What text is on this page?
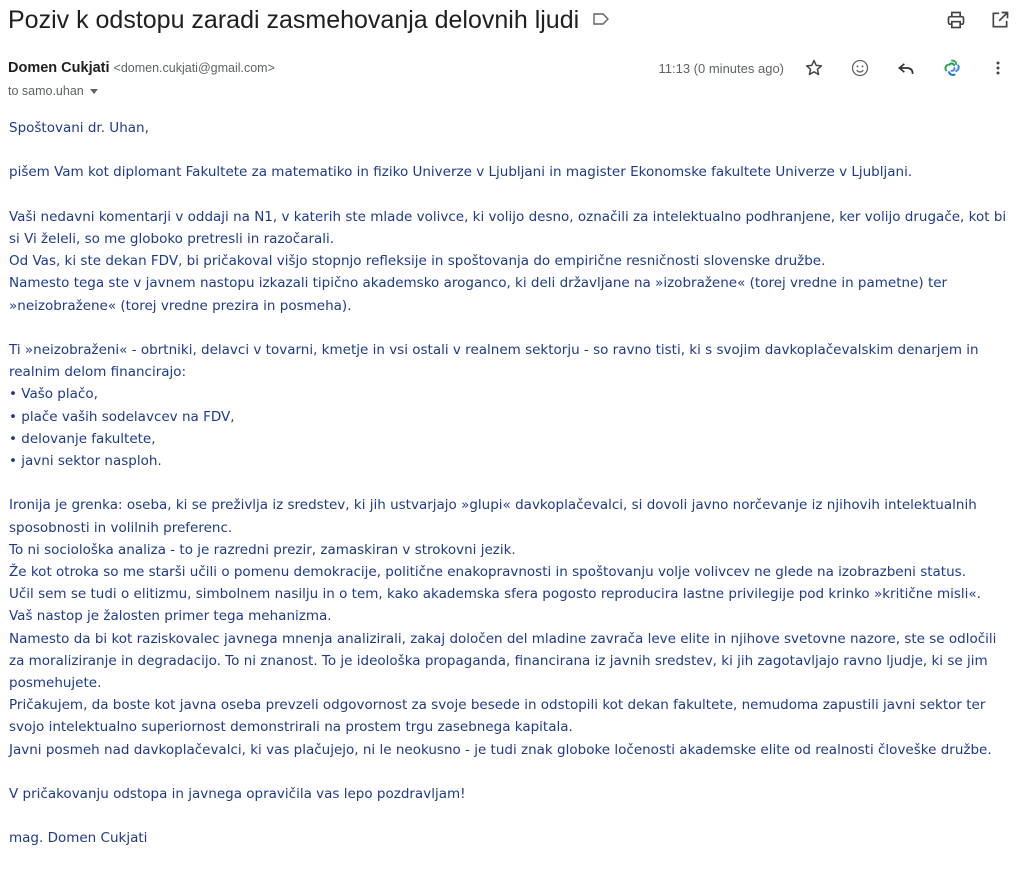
Poziv k odstopu zaradi zasmehovanja delovnih ljudi
Domen Cukjati <domen.cukjati@gmail.com>
to samo.uhan
11:13 (0 minutes ago)

Spoštovani dr. Uhan,

pišem Vam kot diplomant Fakultete za matematiko in fiziko Univerze v Ljubljani in magister Ekonomske fakultete Univerze v Ljubljani.

Vaši nedavni komentarji v oddaji na N1, v katerih ste mlade volivce, ki volijo desno, označili za intelektualno podhranjene, ker volijo drugače, kot bi si Vi želeli, so me globoko pretresli in razočarali.

Od Vas, ki ste dekan FDV, bi pričakoval višjo stopnjo refleksije in spoštovanja do empirične resničnosti slovenske družbe.

Namesto tega ste v javnem nastopu izkazali tipično akademsko aroganco, ki deli državljane na »izobražene« (torej vredne in pametne) ter »neizobražene« (torej vredne prezira in posmeha).

Ti »neizobraženi« - obrtniki, delavci v tovarni, kmetje in vsi ostali v realnem sektorju - so ravno tisti, ki s svojim davkoplačevalskim denarjem in realnim delom financirajo:

• Vašo plačo,

• plače vaših sodelavcev na FDV,

• delovanje fakultete,

• javni sektor nasploh.

Ironija je grenka: oseba, ki se preživlja iz sredstev, ki jih ustvarjajo »glupi« davkoplačevalci, si dovoli javno norčevanje iz njihovih intelektualnih sposobnosti in volilnih preferenc.

To ni sociološka analiza - to je razredni prezir, zamaskiran v strokovni jezik.

Že kot otroka so me starši učili o pomenu demokracije, politične enakopravnosti in spoštovanju volje volivcev ne glede na izobrazbeni status.

Učil sem se tudi o elitizmu, simbolnem nasilju in o tem, kako akademska sfera pogosto reproducira lastne privilegije pod krinko »kritične misli«.

Vaš nastop je žalosten primer tega mehanizma.

Namesto da bi kot raziskovalec javnega mnenja analizirali, zakaj določen del mladine zavrača leve elite in njihove svetovne nazore, ste se odločili za moraliziranje in degradacijo. To ni znanost. To je ideološka propaganda, financirana iz javnih sredstev, ki jih zagotavljajo ravno ljudje, ki se jim posmehujete.

Pričakujem, da boste kot javna oseba prevzeli odgovornost za svoje besede in odstopili kot dekan fakultete, nemudoma zapustili javni sektor ter svojo intelektualno superiornost demonstrirali na prostem trgu zasebnega kapitala.

Javni posmeh nad davkoplačevalci, ki vas plačujejo, ni le neokusno - je tudi znak globoke ločenosti akademske elite od realnosti človeške družbe.

V pričakovanju odstopa in javnega opravičila vas lepo pozdravljam!

mag. Domen Cukjati
